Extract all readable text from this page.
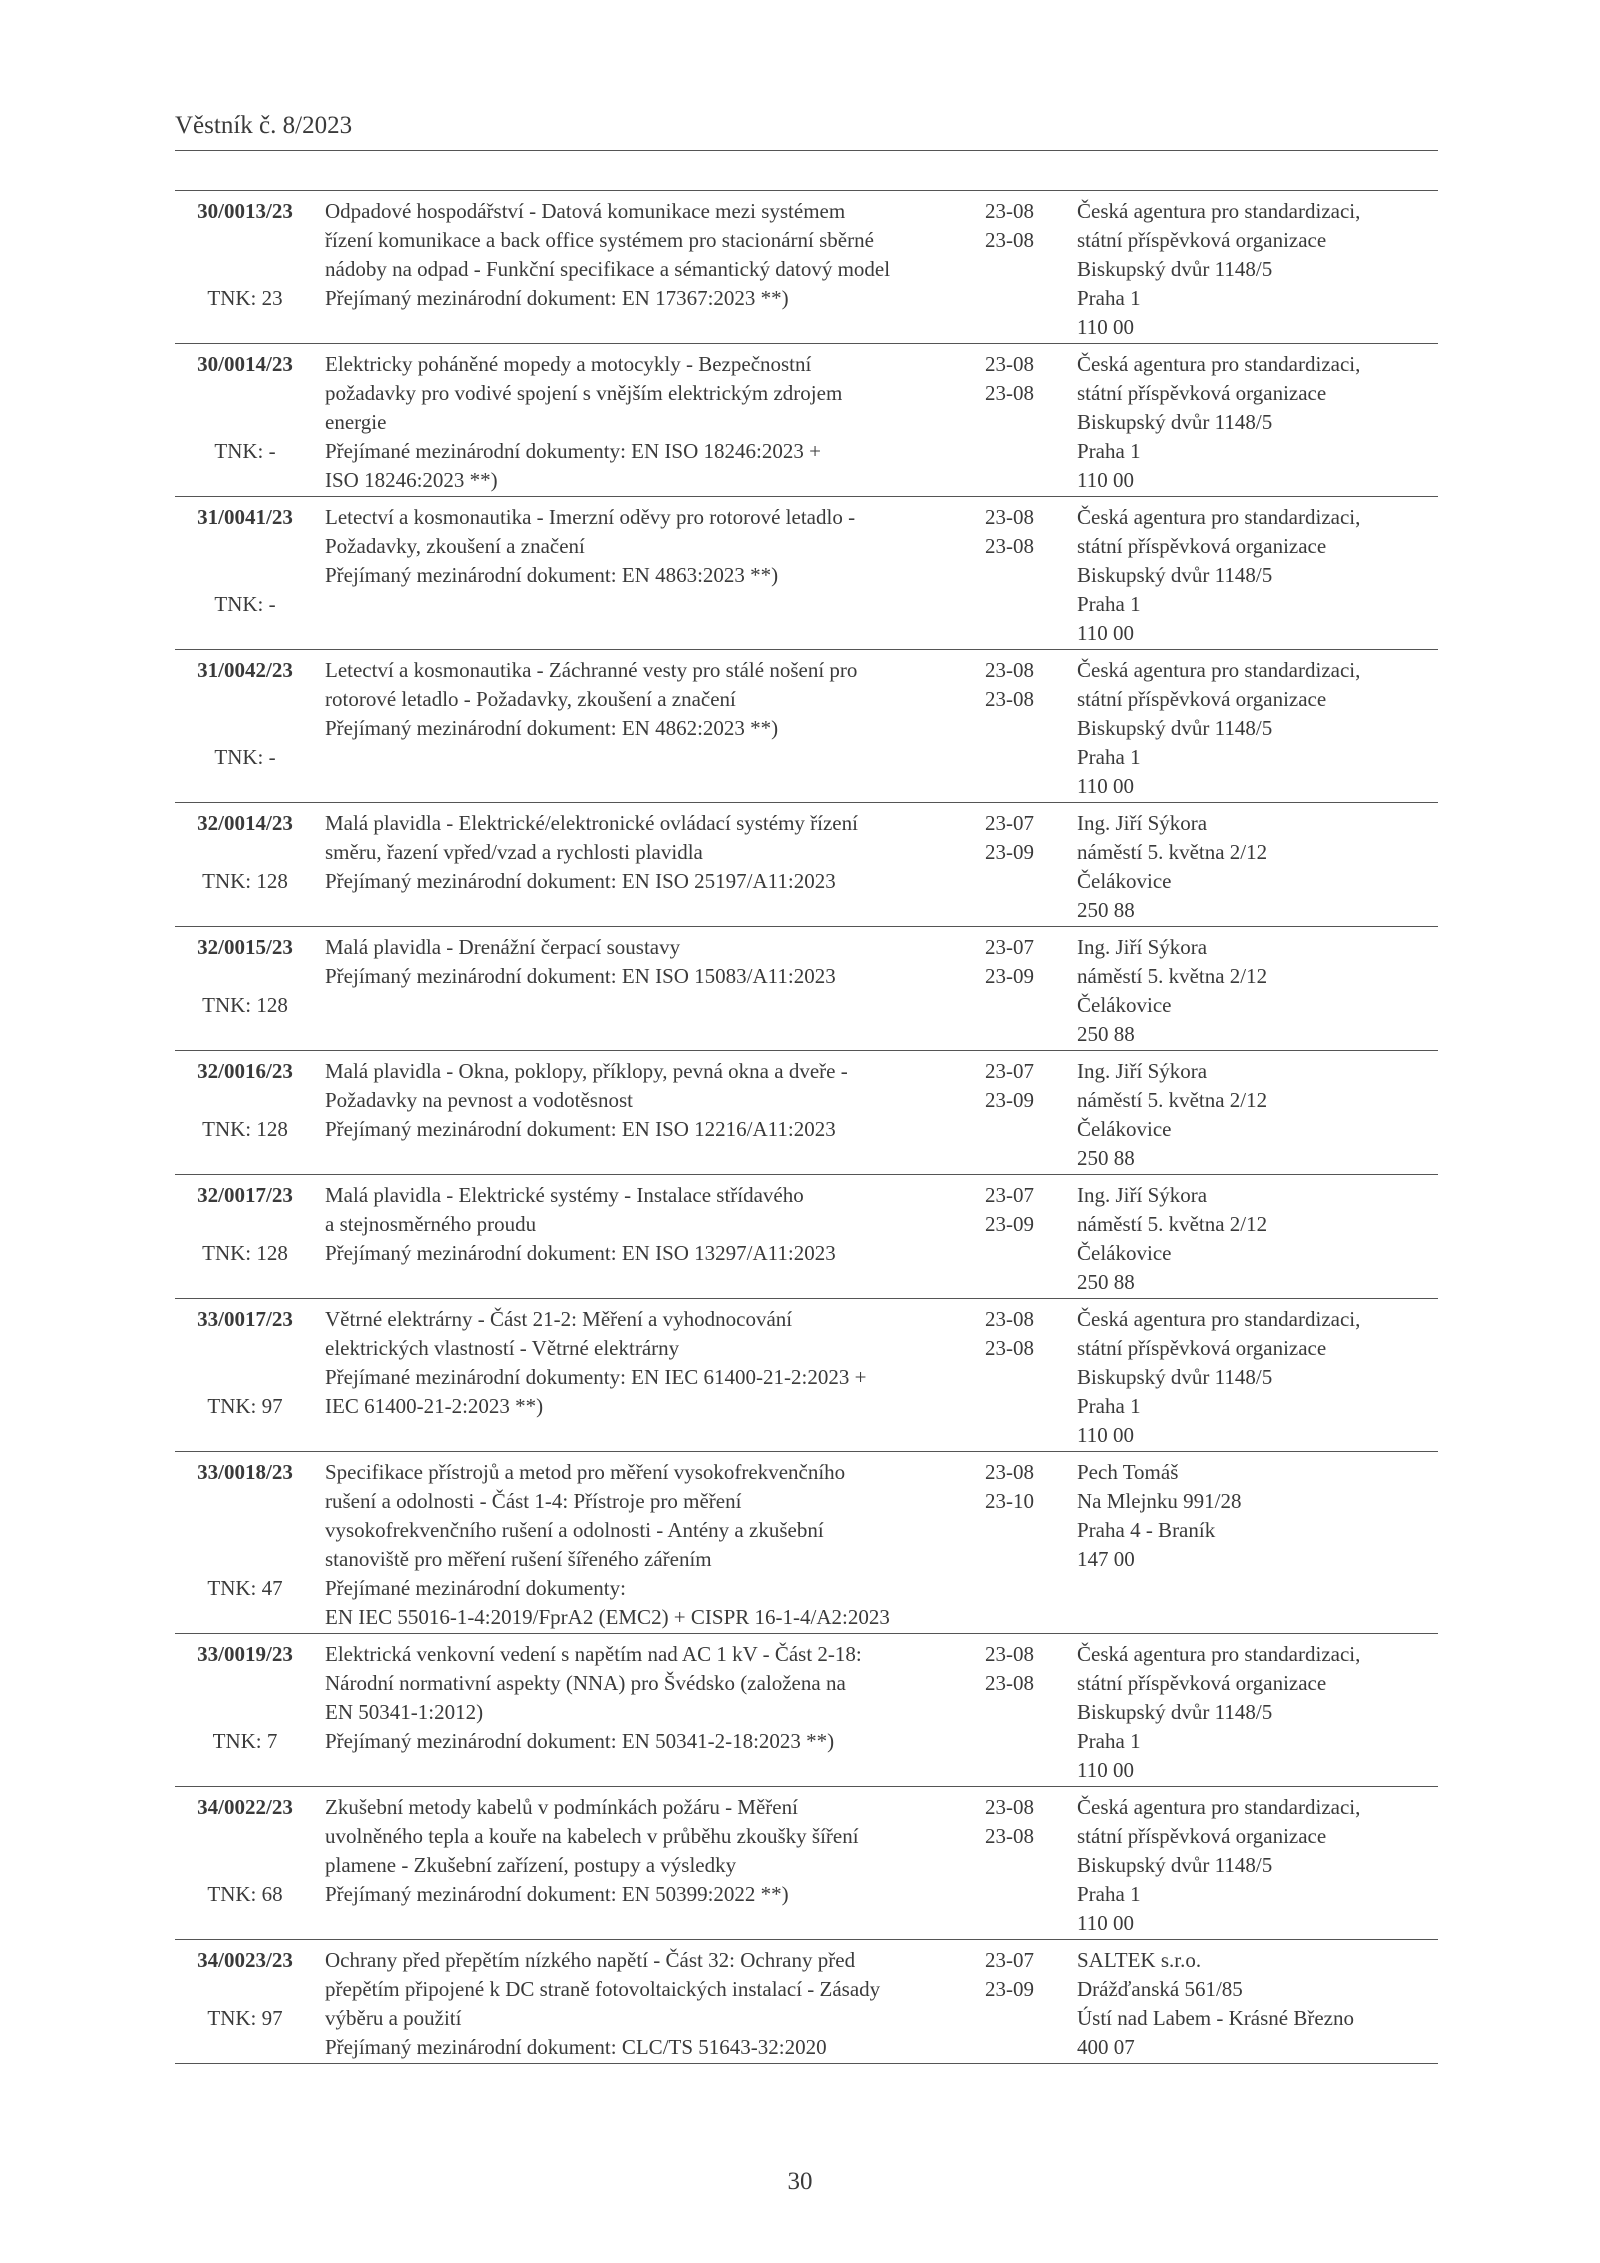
Věstník č. 8/2023
30/0013/23
TNK: 23
Odpadové hospodářství - Datová komunikace mezi systémem
řízení komunikace a back office systémem pro stacionární sběrné
nádoby na odpad - Funkční specifikace a sémantický datový model
Přejímaný mezinárodní dokument: EN 17367:2023 **)
23-08
23-08
Česká agentura pro standardizaci,
státní příspěvková organizace
Biskupský dvůr 1148/5
Praha 1
110 00
30/0014/23
TNK: -
Elektricky poháněné mopedy a motocykly - Bezpečnostní
požadavky pro vodivé spojení s vnějším elektrickým zdrojem
energie
Přejímané mezinárodní dokumenty: EN ISO 18246:2023 +
ISO 18246:2023 **)
23-08
23-08
Česká agentura pro standardizaci,
státní příspěvková organizace
Biskupský dvůr 1148/5
Praha 1
110 00
31/0041/23
TNK: -
Letectví a kosmonautika - Imerzní oděvy pro rotorové letadlo -
Požadavky, zkoušení a značení
Přejímaný mezinárodní dokument: EN 4863:2023 **)
23-08
23-08
Česká agentura pro standardizaci,
státní příspěvková organizace
Biskupský dvůr 1148/5
Praha 1
110 00
31/0042/23
TNK: -
Letectví a kosmonautika - Záchranné vesty pro stálé nošení pro
rotorové letadlo - Požadavky, zkoušení a značení
Přejímaný mezinárodní dokument: EN 4862:2023 **)
23-08
23-08
Česká agentura pro standardizaci,
státní příspěvková organizace
Biskupský dvůr 1148/5
Praha 1
110 00
32/0014/23
TNK: 128
Malá plavidla - Elektrické/elektronické ovládací systémy řízení
směru, řazení vpřed/vzad a rychlosti plavidla
Přejímaný mezinárodní dokument: EN ISO 25197/A11:2023
23-07
23-09
Ing. Jiří Sýkora
náměstí 5. května 2/12
Čelákovice
250 88
32/0015/23
TNK: 128
Malá plavidla - Drenážní čerpací soustavy
Přejímaný mezinárodní dokument: EN ISO 15083/A11:2023
23-07
23-09
Ing. Jiří Sýkora
náměstí 5. května 2/12
Čelákovice
250 88
32/0016/23
TNK: 128
Malá plavidla - Okna, poklopy, příklopy, pevná okna a dveře -
Požadavky na pevnost a vodotěsnost
Přejímaný mezinárodní dokument: EN ISO 12216/A11:2023
23-07
23-09
Ing. Jiří Sýkora
náměstí 5. května 2/12
Čelákovice
250 88
32/0017/23
TNK: 128
Malá plavidla - Elektrické systémy - Instalace střídavého
a stejnosměrného proudu
Přejímaný mezinárodní dokument: EN ISO 13297/A11:2023
23-07
23-09
Ing. Jiří Sýkora
náměstí 5. května 2/12
Čelákovice
250 88
33/0017/23
TNK: 97
Větrné elektrárny - Část 21-2: Měření a vyhodnocování
elektrických vlastností - Větrné elektrárny
Přejímané mezinárodní dokumenty: EN IEC 61400-21-2:2023 +
IEC 61400-21-2:2023 **)
23-08
23-08
Česká agentura pro standardizaci,
státní příspěvková organizace
Biskupský dvůr 1148/5
Praha 1
110 00
33/0018/23
TNK: 47
Specifikace přístrojů a metod pro měření vysokofrekvenčního
rušení a odolnosti - Část 1-4: Přístroje pro měření
vysokofrekvenčního rušení a odolnosti - Antény a zkušební
stanoviště pro měření rušení šířeného zářením
Přejímané mezinárodní dokumenty:
EN IEC 55016-1-4:2019/FprA2 (EMC2) + CISPR 16-1-4/A2:2023
23-08
23-10
Pech Tomáš
Na Mlejnku 991/28
Praha 4 - Braník
147 00
33/0019/23
TNK: 7
Elektrická venkovní vedení s napětím nad AC 1 kV - Část 2-18:
Národní normativní aspekty (NNA) pro Švédsko (založena na
EN 50341-1:2012)
Přejímaný mezinárodní dokument: EN 50341-2-18:2023 **)
23-08
23-08
Česká agentura pro standardizaci,
státní příspěvková organizace
Biskupský dvůr 1148/5
Praha 1
110 00
34/0022/23
TNK: 68
Zkušební metody kabelů v podmínkách požáru - Měření
uvolněného tepla a kouře na kabelech v průběhu zkoušky šíření
plamene - Zkušební zařízení, postupy a výsledky
Přejímaný mezinárodní dokument: EN 50399:2022 **)
23-08
23-08
Česká agentura pro standardizaci,
státní příspěvková organizace
Biskupský dvůr 1148/5
Praha 1
110 00
34/0023/23
TNK: 97
Ochrany před přepětím nízkého napětí - Část 32: Ochrany před
přepětím připojené k DC straně fotovoltaických instalací - Zásady
výběru a použití
Přejímaný mezinárodní dokument: CLC/TS 51643-32:2020
23-07
23-09
SALTEK s.r.o.
Drážďanská 561/85
Ústí nad Labem - Krásné Březno
400 07
30
